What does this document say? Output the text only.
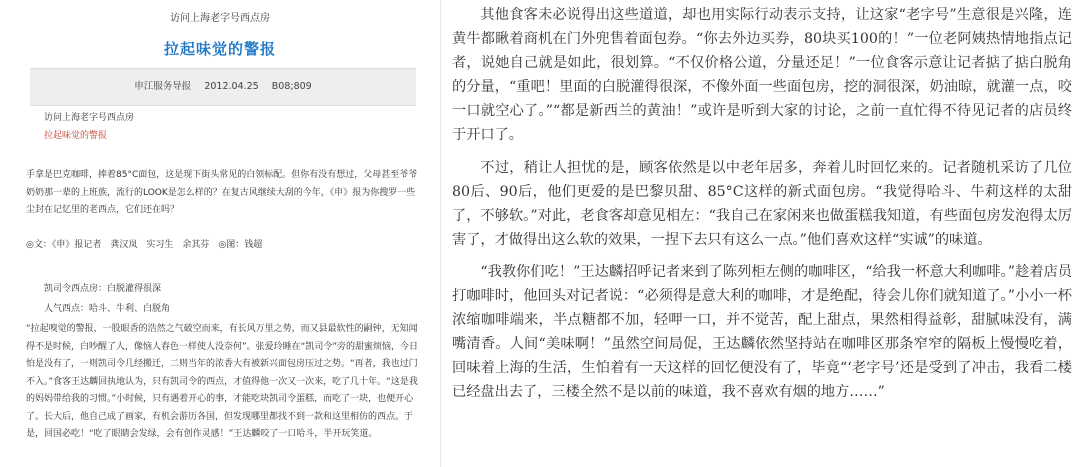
访问上海老字号西点房
拉起味觉的警报
申江服务导报 2012.04.25 B08;809
访问上海老字号西点房
拉起味觉的警报
手拿是巴克咖啡，捧着85°C面包，这是现下街头常见的白领标配。但你有没有想过，父母甚至爷爷奶奶那一辈的上班族，流行的LOOK是怎么样的？在复古风继续大刮的今年，《申》报为你搜罗一些尘封在记忆里的老西点，它们还在吗？
◎文：《申》报记者　龚汉岚　实习生　余其芬　◎图：钱超
凯司令西点房：白脱灌得很深
人气西点：哈斗、牛利、白脱角
“拉起嗅觉的警报，一股眼香的浩然之气破空而来，有长风万里之势，而又县最软性的嗣钟，无知闻得不是时候，白吵醒了人，像恼人春色一样使人没奈何”。张爱玲睡在“凯司令”旁的甜蜜烦恼，今日怕是没有了，一则凯司令几经搬迁，二则当年的浓香大有被新兴面包房压过之势。“再者，我也过门不入。”食客王达麟回执地认为，只有凯司令的西点，才值得他一次又一次来，吃了几十年。“这是我的妈妈带给我的习惯。”小时候，只有遇着开心的事，才能吃块凯司令蛋糕，而吃了一块，也便开心了。长大后，他自己成了画家，有机会游历各国，但发现哪里都找不到一款和这里相仿的西点。于是，回国必吃！“吃了眼睛会发绿，会有创作灵感！”王达麟咬了一口哈斗，半开玩笑道。

其他食客未必说得出这些道道，却也用实际行动表示支持，让这家“老字号”生意很是兴隆，连黄牛都瞅着商机在门外兜售着面包券。“你去外边买券，80块买100的！”一位老阿姨热情地指点记者，说她自己就是如此，很划算。“不仅价格公道，分量还足！”一位食客示意让记者掂了掂白脱角的分量，“重吧！里面的白脱灌得很深，不像外面一些面包房，挖的洞很深，奶油晾，就灌一点，咬一口就空心了。”“都是新西兰的黄油！”或许是听到大家的讨论，之前一直忙得不待见记者的店员终于开口了。

不过，稍让人担忧的是，顾客依然是以中老年居多，奔着儿时回忆来的。记者随机采访了几位80后、90后，他们更爱的是巴黎贝甜、85°C这样的新式面包房。“我觉得哈斗、牛莉这样的太甜了，不够软。”对此，老食客却意见相左：“我自己在家闲来也做蛋糕我知道，有些面包房发泡得太厉害了，才做得出这么软的效果，一捏下去只有这么一点。”他们喜欢这样“实诚”的味道。

“我教你们吃！”王达麟招呼记者来到了陈列柜左侧的咖啡区，“给我一杯意大利咖啡。”趁着店员打咖啡时，他回头对记者说：“必须得是意大利的咖啡，才是绝配，待会儿你们就知道了。”小小一杯浓缩咖啡端来，半点糖都不加，轻呷一口，并不觉苦，配上甜点，果然相得益彰，甜腻味没有，满嘴清香。人间“美味啊！”虽然空间局促，王达麟依然坚持站在咖啡区那条窄窄的隔板上慢慢吃着，回味着上海的生活，生怕着有一天这样的回忆便没有了，毕竟“‘老字号’还是受到了冲击，我看二楼已经盘出去了，三楼全然不是以前的味道，我不喜欢有烟的地方……”
